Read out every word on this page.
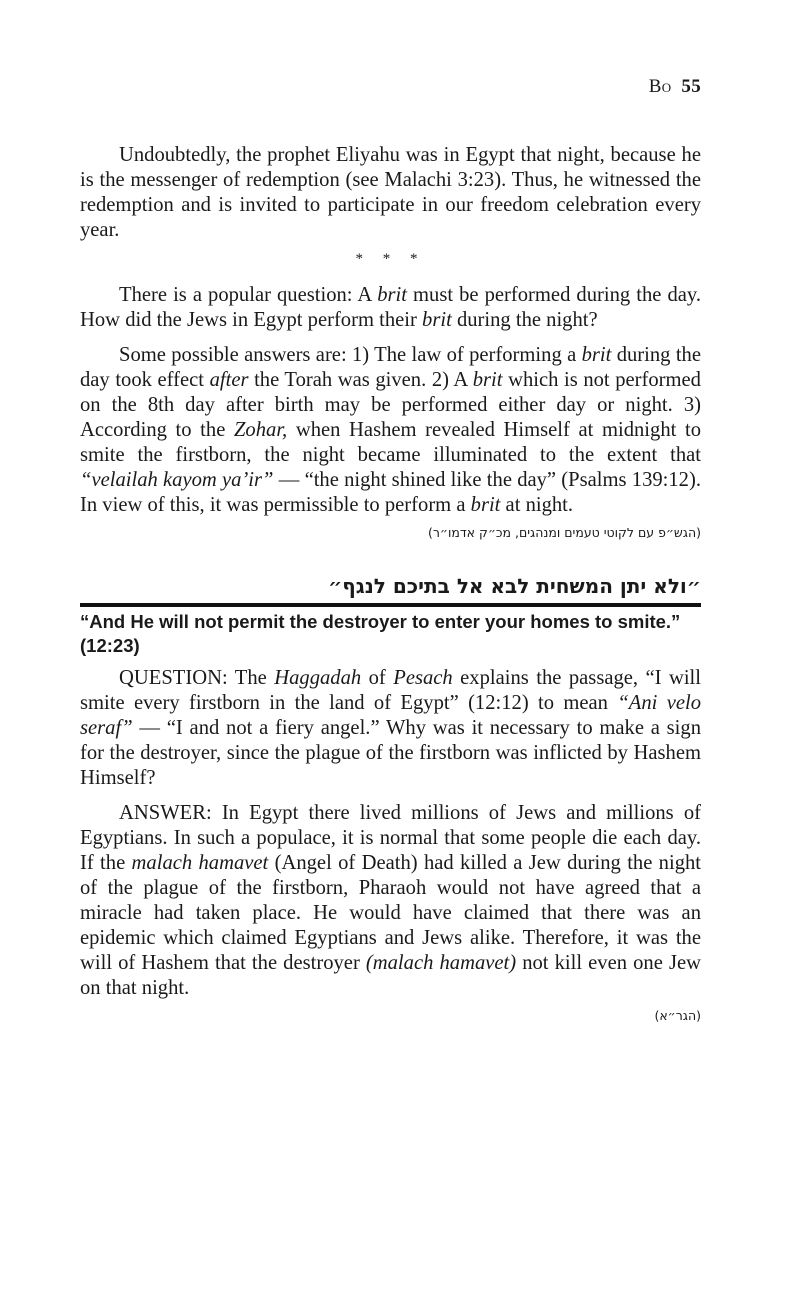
Bo 55

Undoubtedly, the prophet Eliyahu was in Egypt that night, because he is the messenger of redemption (see Malachi 3:23). Thus, he witnessed the redemption and is invited to participate in our freedom celebration every year.

* * *

There is a popular question: A brit must be performed during the day. How did the Jews in Egypt perform their brit during the night?

Some possible answers are: 1) The law of performing a brit during the day took effect after the Torah was given. 2) A brit which is not performed on the 8th day after birth may be performed either day or night. 3) According to the Zohar, when Hashem revealed Himself at midnight to smite the firstborn, the night became illuminated to the extent that “velailah kayom ya’ir” — “the night shined like the day” (Psalms 139:12). In view of this, it was permissible to perform a brit at night.

(הגש״פ עם לקוטי טעמים ומנהגים, מכ״ק אדמו״ר)
״ולא יתן המשחית לבא אל בתיכם לנגף״
“And He will not permit the destroyer to enter your homes to smite.” (12:23)

QUESTION: The Haggadah of Pesach explains the passage, “I will smite every firstborn in the land of Egypt” (12:12) to mean “Ani velo seraf” — “I and not a fiery angel.” Why was it necessary to make a sign for the destroyer, since the plague of the firstborn was inflicted by Hashem Himself?

ANSWER: In Egypt there lived millions of Jews and millions of Egyptians. In such a populace, it is normal that some people die each day. If the malach hamavet (Angel of Death) had killed a Jew during the night of the plague of the firstborn, Pharaoh would not have agreed that a miracle had taken place. He would have claimed that there was an epidemic which claimed Egyptians and Jews alike. Therefore, it was the will of Hashem that the destroyer (malach hamavet) not kill even one Jew on that night.

(הגר״א)
